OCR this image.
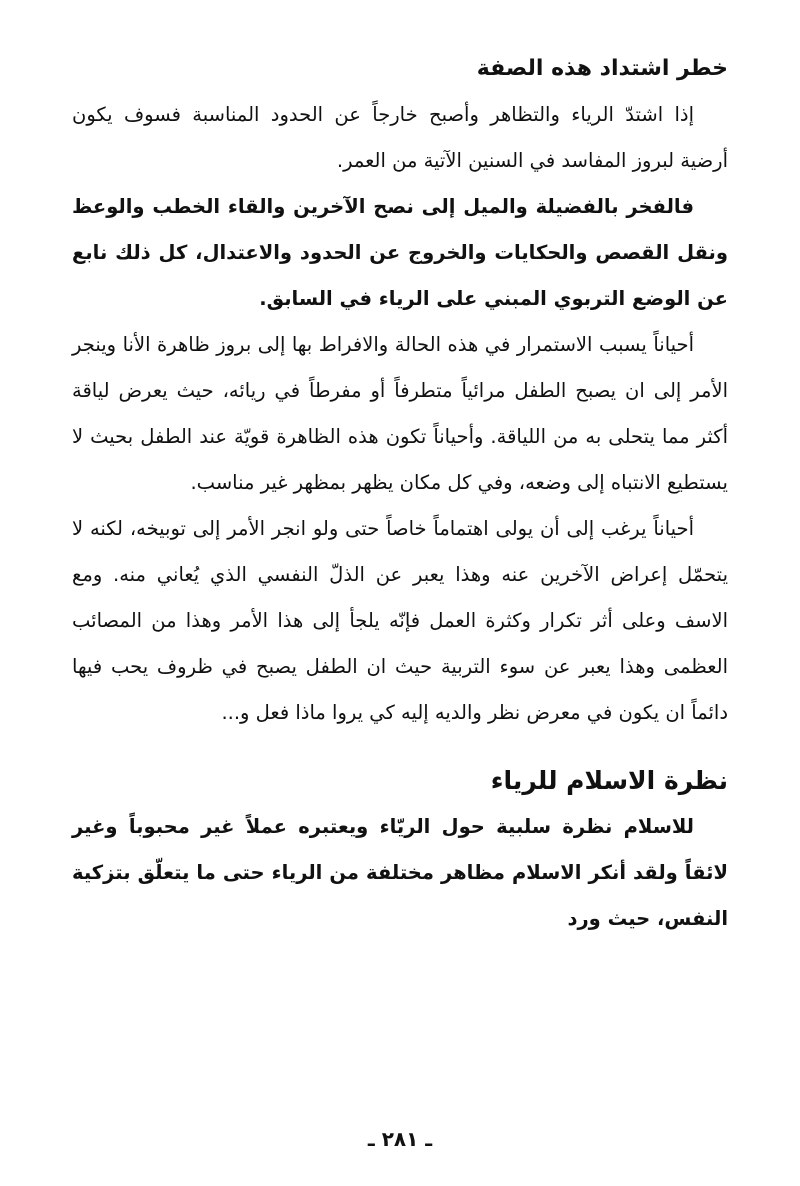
خطر اشتداد هذه الصفة

إذا اشتدّ الرياء والتظاهر وأصبح خارجاً عن الحدود المناسبة فسوف يكون أرضية لبروز المفاسد في السنين الآتية من العمر.

فالفخر بالفضيلة والميل إلى نصح الآخرين والقاء الخطب والوعظ ونقل القصص والحكايات والخروج عن الحدود والاعتدال، كل ذلك نابع عن الوضع التربوي المبني على الرياء في السابق.

أحياناً يسبب الاستمرار في هذه الحالة والافراط بها إلى بروز ظاهرة الأنا وينجر الأمر إلى ان يصبح الطفل مرائياً متطرفاً أو مفرطاً في ريائه، حيث يعرض لياقة أكثر مما يتحلى به من اللياقة. وأحياناً تكون هذه الظاهرة قويّة عند الطفل بحيث لا يستطيع الانتباه إلى وضعه، وفي كل مكان يظهر بمظهر غير مناسب.

أحياناً يرغب إلى أن يولى اهتماماً خاصاً حتى ولو انجر الأمر إلى توبيخه، لكنه لا يتحمّل إعراض الآخرين عنه وهذا يعبر عن الذلّ النفسي الذي يُعاني منه. ومع الاسف وعلى أثر تكرار وكثرة العمل فإنّه يلجأ إلى هذا الأمر وهذا من المصائب العظمى وهذا يعبر عن سوء التربية حيث ان الطفل يصبح في ظروف يحب فيها دائماً ان يكون في معرض نظر والديه إليه كي يروا ماذا فعل و...

نظرة الاسلام للرياء

للاسلام نظرة سلبية حول الريّاء ويعتبره عملاً غير محبوباً وغير لائقاً ولقد أنكر الاسلام مظاهر مختلفة من الرياء حتى ما يتعلّق بتزكية النفس، حيث ورد

ـ ٢٨١ ـ
